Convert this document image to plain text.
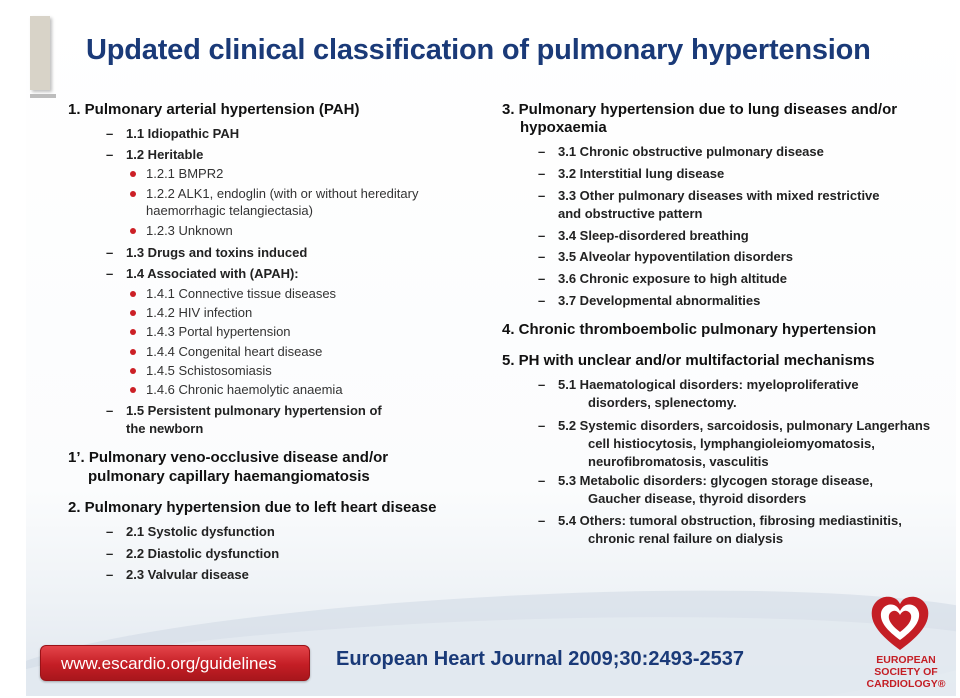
Updated clinical classification of pulmonary hypertension
1. Pulmonary arterial hypertension (PAH)
– 1.1 Idiopathic PAH
– 1.2 Heritable
1.2.1 BMPR2
1.2.2 ALK1, endoglin (with or without hereditary
haemorrhagic telangiectasia)
1.2.3 Unknown
– 1.3 Drugs and toxins induced
– 1.4 Associated with (APAH):
1.4.1 Connective tissue diseases
1.4.2 HIV infection
1.4.3 Portal hypertension
1.4.4 Congenital heart disease
1.4.5 Schistosomiasis
1.4.6 Chronic haemolytic anaemia
– 1.5 Persistent pulmonary hypertension of
the newborn
1’. Pulmonary veno-occlusive disease and/or
pulmonary capillary haemangiomatosis
2. Pulmonary hypertension due to left heart disease
– 2.1 Systolic dysfunction
– 2.2 Diastolic dysfunction
– 2.3 Valvular disease
3. Pulmonary hypertension due to lung diseases and/or
hypoxaemia
– 3.1 Chronic obstructive pulmonary disease
– 3.2 Interstitial lung disease
– 3.3 Other pulmonary diseases with mixed restrictive
and obstructive pattern
– 3.4 Sleep-disordered breathing
– 3.5 Alveolar hypoventilation disorders
– 3.6 Chronic exposure to high altitude
– 3.7 Developmental abnormalities
4. Chronic thromboembolic pulmonary hypertension
5. PH with unclear and/or multifactorial mechanisms
– 5.1 Haematological disorders: myeloproliferative
disorders, splenectomy.
– 5.2 Systemic disorders, sarcoidosis, pulmonary Langerhans
cell histiocytosis, lymphangioleiomyomatosis,
neurofibromatosis, vasculitis
– 5.3 Metabolic disorders: glycogen storage disease,
Gaucher disease, thyroid disorders
– 5.4 Others: tumoral obstruction, fibrosing mediastinitis,
chronic renal failure on dialysis
www.escardio.org/guidelines	European Heart Journal 2009;30:2493-2537	EUROPEAN
SOCIETY OF
CARDIOLOGY®
